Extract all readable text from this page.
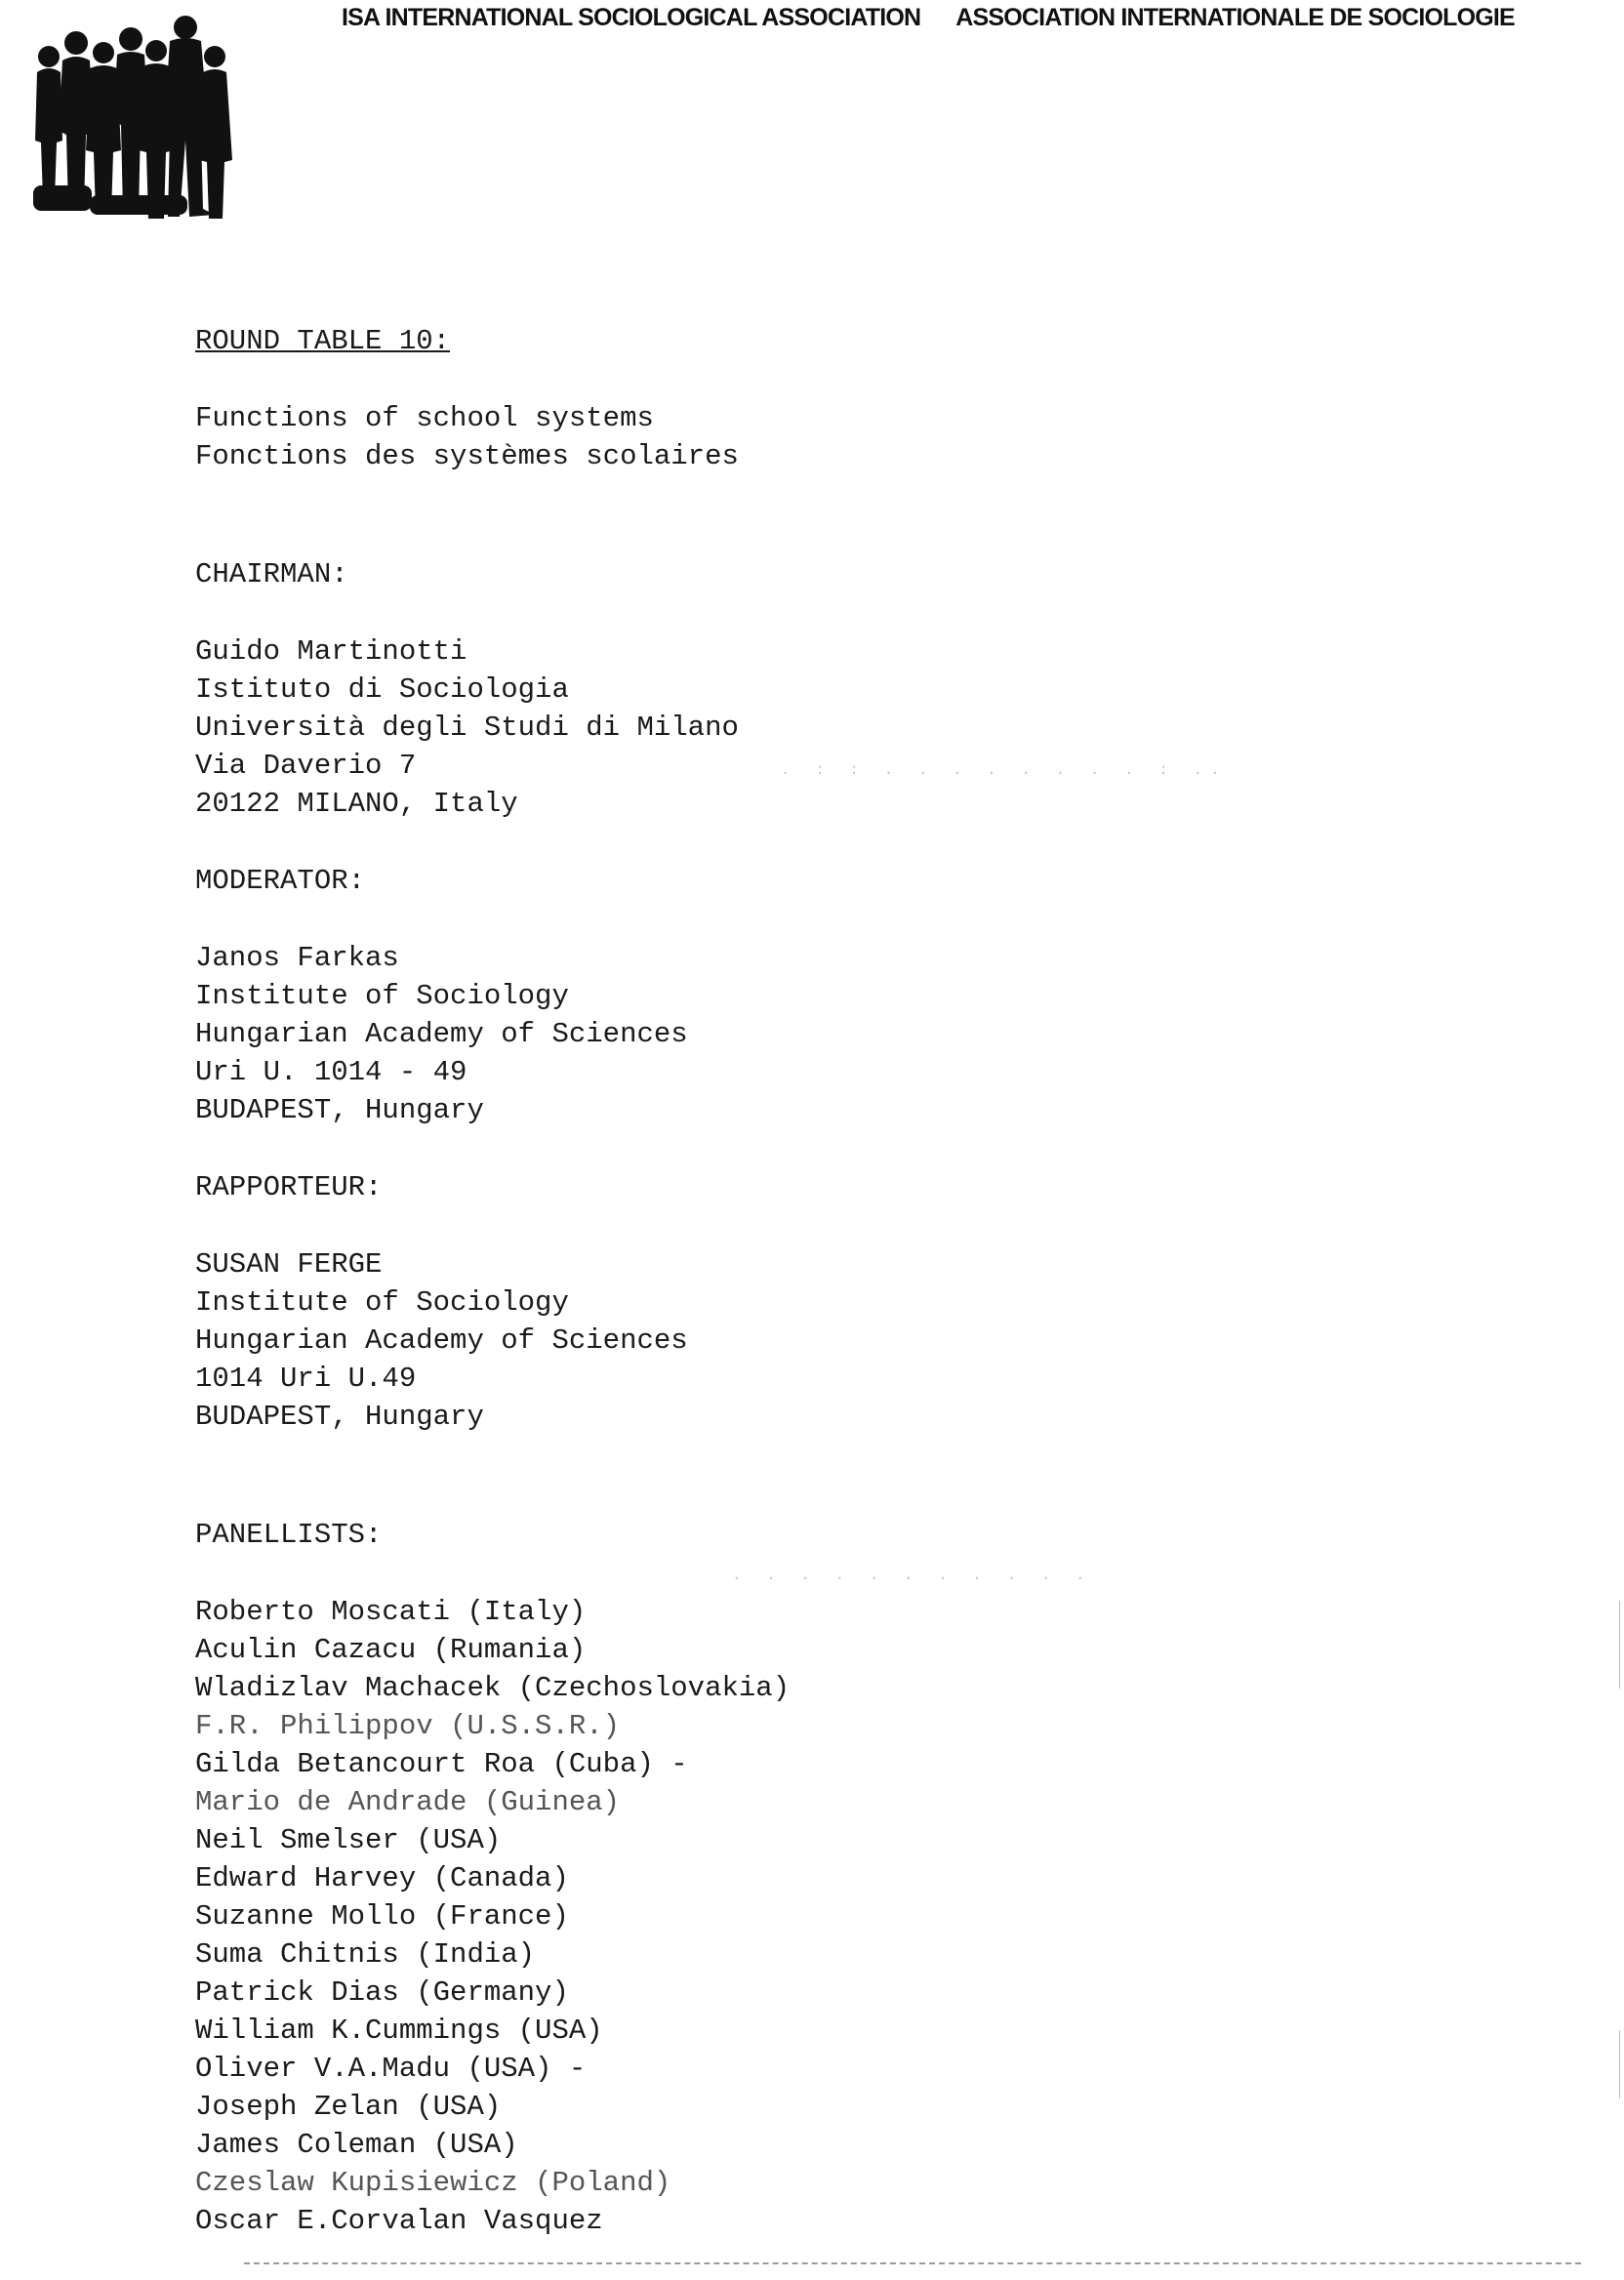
ISA INTERNATIONAL SOCIOLOGICAL ASSOCIATION ASSOCIATION INTERNATIONALE DE SOCIOLOGIE
ROUND TABLE 10:
Functions of school systems
Fonctions des systèmes scolaires
CHAIRMAN:
Guido Martinotti
Istituto di Sociologia
Università degli Studi di Milano
Via Daverio 7
20122 MILANO, Italy
MODERATOR:
Janos Farkas
Institute of Sociology
Hungarian Academy of Sciences
Uri U. 1014 - 49
BUDAPEST, Hungary
RAPPORTEUR:
SUSAN FERGE
Institute of Sociology
Hungarian Academy of Sciences
1014 Uri U.49
BUDAPEST, Hungary
PANELLISTS:
Roberto Moscati (Italy)
Aculin Cazacu (Rumania)
Wladizlav Machacek (Czechoslovakia)
F.R. Philippov (U.S.S.R.)
Gilda Betancourt Roa (Cuba) -
Mario de Andrade (Guinea)
Neil Smelser (USA)
Edward Harvey (Canada)
Suzanne Mollo (France)
Suma Chitnis (India)
Patrick Dias (Germany)
William K.Cummings (USA)
Oliver V.A.Madu (USA) -
Joseph Zelan (USA)
James Coleman (USA)
Czeslaw Kupisiewicz (Poland)
Oscar E.Corvalan Vasquez
. : : . . . . . . . . : ..
. . . . . . . . . . .
